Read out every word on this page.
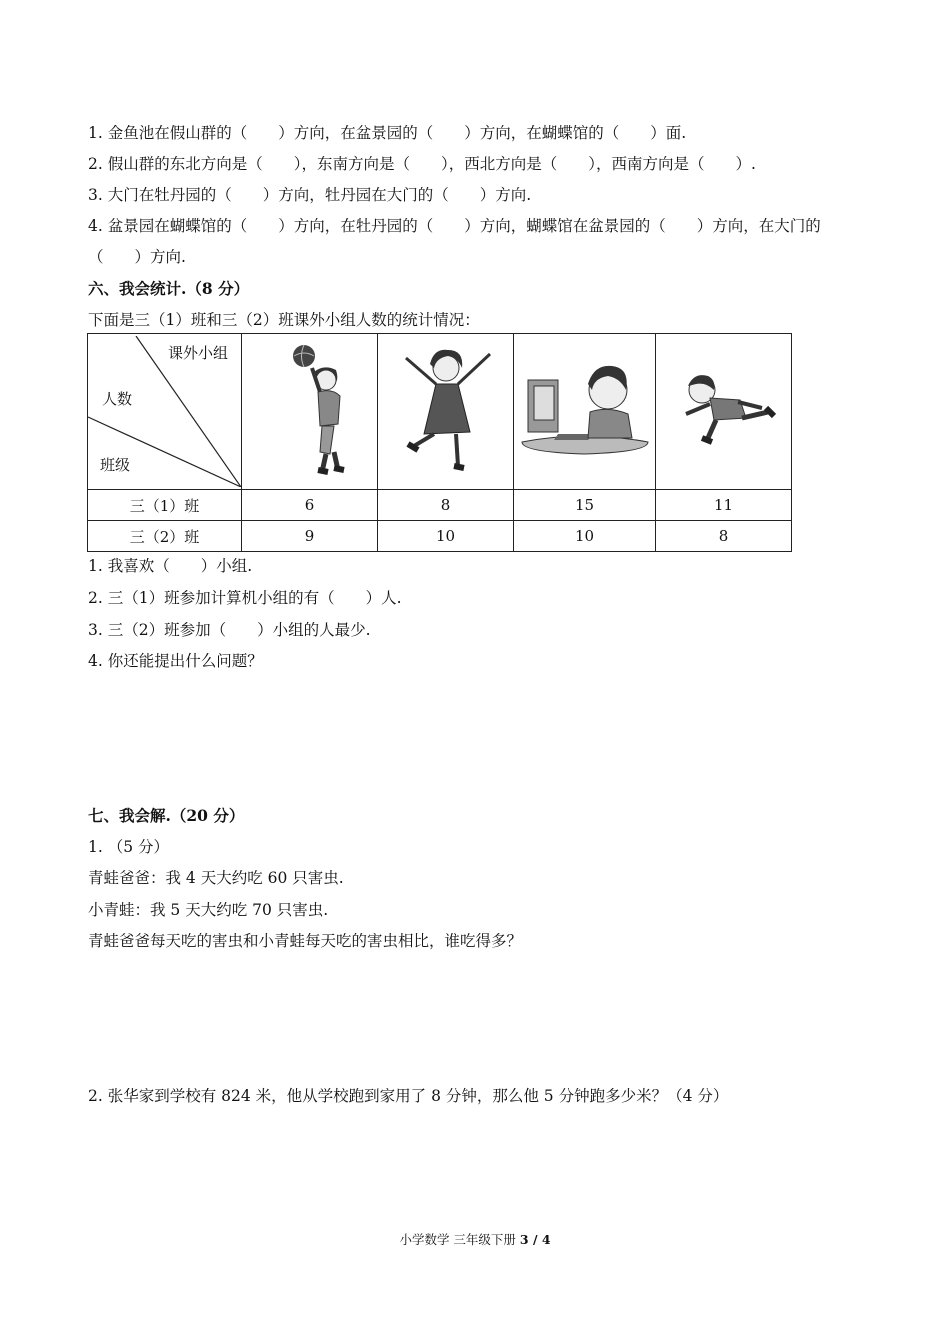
1. 金鱼池在假山群的（　　）方向，在盆景园的（　　）方向，在蝴蝶馆的（　　）面.
2. 假山群的东北方向是（　　），东南方向是（　　），西北方向是（　　），西南方向是（　　）.
3. 大门在牡丹园的（　　）方向，牡丹园在大门的（　　）方向.
4. 盆景园在蝴蝶馆的（　　）方向，在牡丹园的（　　）方向，蝴蝶馆在盆景园的（　　）方向，在大门的
（　　）方向.
六、我会统计.（8 分）
下面是三（1）班和三（2）班课外小组人数的统计情况：
课外小组
人数
班级

三（1）班	6	8	15	11
三（2）班	9	10	10	8
1. 我喜欢（　　）小组.
2. 三（1）班参加计算机小组的有（　　）人.
3. 三（2）班参加（　　）小组的人最少.
4. 你还能提出什么问题？
七、我会解.（20 分）
1. （5 分）
青蛙爸爸：我 4 天大约吃 60 只害虫.
小青蛙：我 5 天大约吃 70 只害虫.
青蛙爸爸每天吃的害虫和小青蛙每天吃的害虫相比，谁吃得多？
2. 张华家到学校有 824 米，他从学校跑到家用了 8 分钟，那么他 5 分钟跑多少米？（4 分）
小学数学 三年级下册 3 / 4
